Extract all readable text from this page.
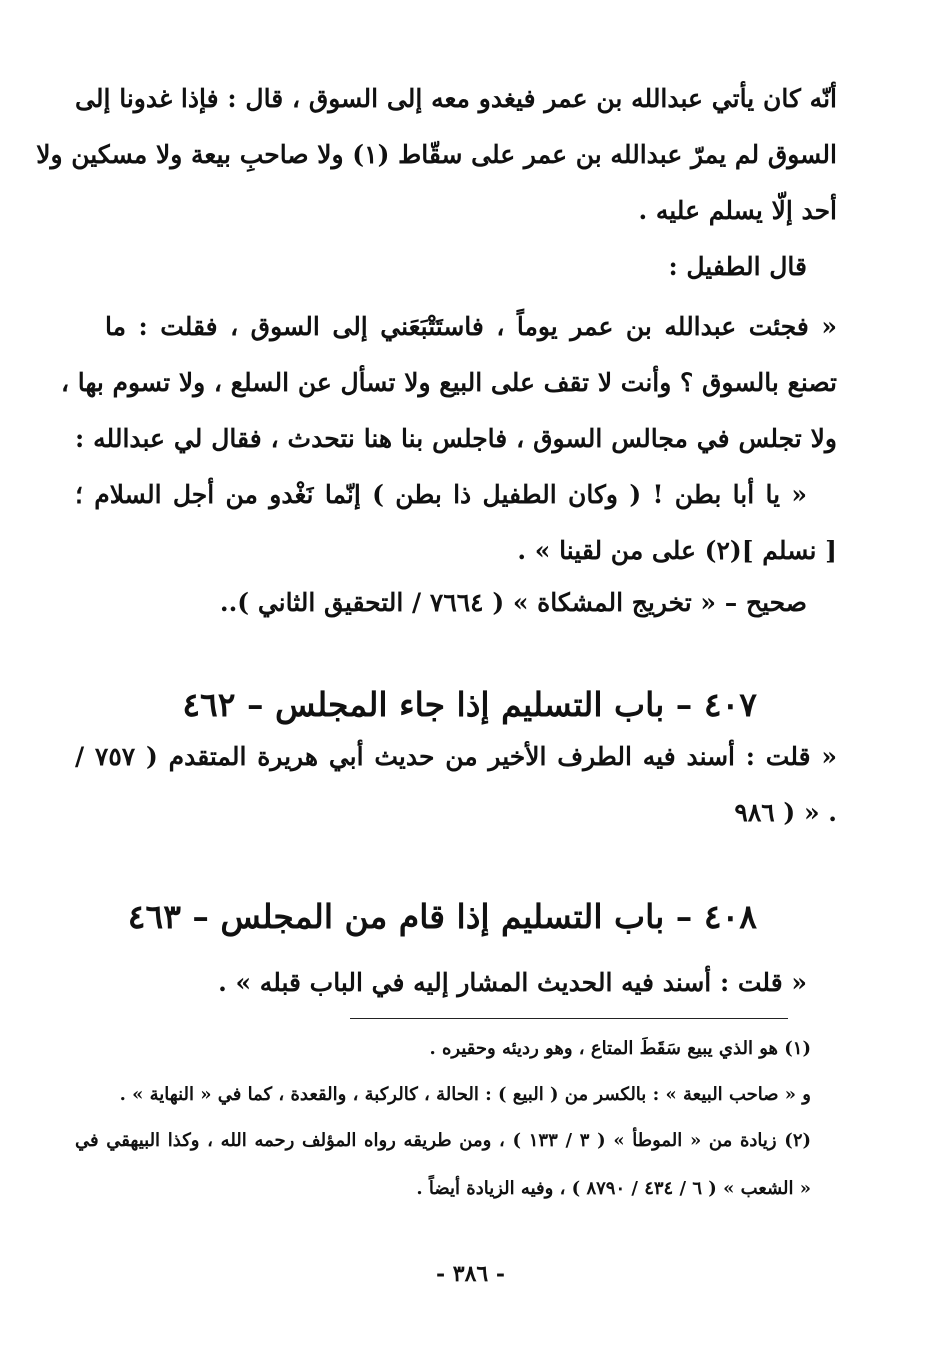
أنّه كان يأتي عبدالله بن عمر فيغدو معه إلى السوق ، قال : فإذا غدونا إلى
السوق لم يمرّ عبدالله بن عمر على سقّاط (١) ولا صاحبِ بيعة ولا مسكين ولا
أحد إلّا يسلم عليه .
قال الطفيل :
« فجئت عبدالله بن عمر يوماً ، فاستَتْبَعَني إلى السوق ، فقلت : ما
تصنع بالسوق ؟ وأنت لا تقف على البيع ولا تسأل عن السلع ، ولا تسوم بها ،
ولا تجلس في مجالس السوق ، فاجلس بنا هنا نتحدث ، فقال لي عبدالله :
« يا أبا بطن ! ( وكان الطفيل ذا بطن ) إنّما نَغْدو من أجل السلام ؛
[ نسلم ](٢) على من لقينا » .
صحيح – « تخريج المشكاة » ( ٧٦٦٤ / التحقيق الثاني )..
٤٠٧ – باب التسليم إذا جاء المجلس – ٤٦٢
« قلت : أسند فيه الطرف الأخير من حديث أبي هريرة المتقدم ( ٧٥٧ /
٩٨٦ ) » .
٤٠٨ – باب التسليم إذا قام من المجلس – ٤٦٣
« قلت : أسند فيه الحديث المشار إليه في الباب قبله » .
(١) هو الذي يبيع سَقَطَ المتاع ، وهو رديئه وحقيره .
و « صاحب البيعة » : بالكسر من ( البيع ) : الحالة ، كالركبة ، والقعدة ، كما في « النهاية » .
(٢) زيادة من « الموطأ » ( ٣ / ١٣٣ ) ، ومن طريقه رواه المؤلف رحمه الله ، وكذا البيهقي في
« الشعب » ( ٦ / ٤٣٤ / ٨٧٩٠ ) ، وفيه الزيادة أيضاً .
- ٣٨٦ -
